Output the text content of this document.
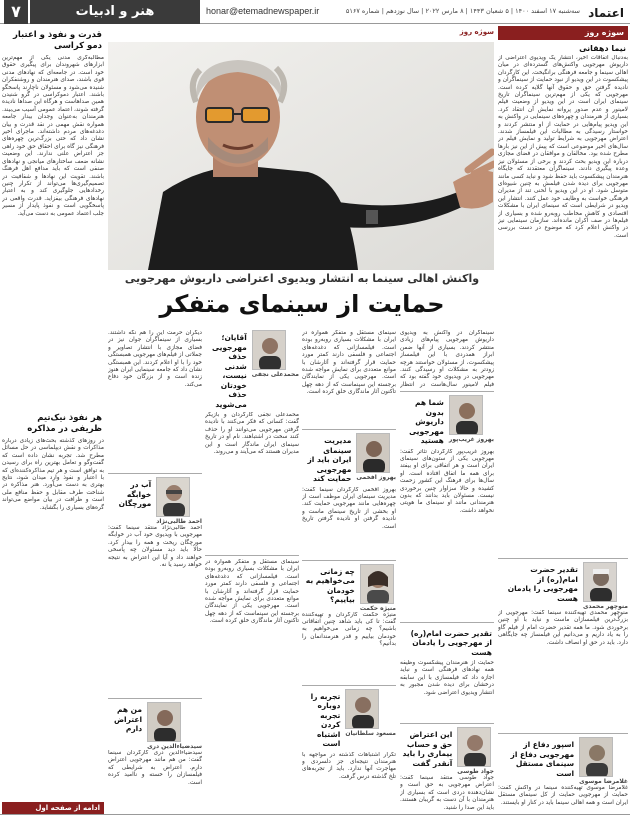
۷	هنر و ادبیات	honar@etemadnewspaper.ir	سه‌شنبه ۱۷ اسفند ۱۴۰۰ | ۵ شعبان ۱۴۴۳ | ۸ مارس ۲۰۲۲ | سال نوزدهم | شماره ۵۱۶۷ اعتماد
سوژه روز
نیما دهقانی
به‌دنبال اتفاقات اخیر، انتشار یک ویدیوی اعتراضی از داریوش مهرجویی واکنش‌های گسترده‌ای در میان اهالی سینما و جامعه فرهنگی برانگیخت. این کارگردان پیشکسوت در این ویدیو از نبود حمایت از سینماگران و نادیده گرفتن حق و حقوق آنها گلایه کرده است. مهرجویی که یکی از مهم‌ترین سینماگران تاریخ سینمای ایران است در این ویدیو از وضعیت فیلم لامینور و عدم صدور پروانه نمایش آن انتقاد کرد. بسیاری از هنرمندان و چهره‌های سینمایی در واکنش به این ویدیو پیام‌هایی در حمایت از او منتشر کردند و خواستار رسیدگی به مطالبات این فیلمساز شدند. اعتراض مهرجویی به شرایط تولید و نمایش فیلم در سال‌های اخیر موضوعی است که پیش از این نیز بارها مطرح شده بود. مخالفان و موافقان در فضای مجازی درباره این ویدیو بحث کردند و برخی از مسئولان نیز وعده پیگیری دادند. سینماگران معتقدند که جایگاه هنرمندان پیشکسوت باید حفظ شود و نباید کسی مانند مهرجویی برای دیده شدن فیلمش به چنین شیوه‌ای متوسل شود. او در این ویدیو با لحنی تند از مدیران فرهنگی خواست به وظایف خود عمل کنند. انتشار این ویدیو در شرایطی است که سینمای ایران با مشکلات اقتصادی و کاهش مخاطب روبه‌رو شده و بسیاری از فیلم‌ها در صف اکران مانده‌اند. سازمان سینمایی نیز در واکنش اعلام کرد که موضوع در دست بررسی است.
منوچهر محمدی
تقدیر حضرت امام(ره) از مهرجویی را یادمان هست
منوچهر محمدی تهیه‌کننده سینما گفت: مهرجویی از بزرگ‌ترین فیلمسازان ماست و نباید با او چنین برخوردی شود. ما همه تقدیر حضرت امام از فیلم گاو را به یاد داریم و می‌دانیم این فیلمساز چه جایگاهی دارد. باید در حق او انصاف داشت.
غلامرضا موسوی
اسپور دفاع از مهرجویی دفاع از سینمای مستقل است
غلامرضا موسوی تهیه‌کننده سینما در واکنش گفت: حمایت از مهرجویی حمایت از کل سینمای مستقل ایران است و همه اهالی سینما باید در کنار او بایستند.
قدرت و نفوذ و اعتبار دمو کراسی
مطالبه‌گری مدنی یکی از مهم‌ترین ابزارهای شهروندان برای پیگیری حقوق خود است. در جامعه‌ای که نهادهای مدنی قوی باشند، صدای هنرمندان و روشنفکران شنیده می‌شود و مسئولان ناچارند پاسخگو باشند. اعتبار دموکراسی در گرو شنیدن همین صداهاست و هرگاه این صداها نادیده گرفته شوند، اعتماد عمومی آسیب می‌بیند. هنرمندان به‌عنوان وجدان بیدار جامعه همواره نقش مهمی در نقد قدرت و بیان دغدغه‌های مردم داشته‌اند. ماجرای اخیر نشان داد که حتی بزرگ‌ترین چهره‌های فرهنگی نیز گاه برای احقاق حق خود راهی جز اعتراض علنی ندارند. این وضعیت نشانه ضعف ساختارهای میانجی و نهادهای صنفی است که باید مدافع اهل فرهنگ باشند. تقویت این نهادها و شفافیت در تصمیم‌گیری‌ها می‌تواند از تکرار چنین رخدادهایی جلوگیری کند و به اعتبار نهادهای فرهنگی بیفزاید. قدرت واقعی در پاسخگویی است و نفوذ پایدار از مسیر جلب اعتماد عمومی به دست می‌آید.
هر نفوذ نیک‌تیم ظریفی در مذاکره
در روزهای گذشته بحث‌های زیادی درباره مذاکرات و نقش دیپلماسی در حل مسائل مطرح شد. تجربه نشان داده است که گفت‌وگو و تعامل بهترین راه برای رسیدن به توافق است و هر تیم مذاکره‌کننده‌ای که با اعتبار و نفوذ وارد میدان شود، نتایج بهتری به دست می‌آورد. هنر مذاکره در شناخت طرف مقابل و حفظ منافع ملی است و ظرافت در بیان مواضع می‌تواند گره‌های بسیاری را بگشاید.
ادامه از صفحه اول
سوژه روز
واکنش اهالی سینما به انتشار ویدیوی اعتراضی داریوش مهرجویی
حمایت از سینمای متفکر
سینماگران در واکنش به ویدیوی داریوش مهرجویی پیام‌های زیادی منتشر کردند. بسیاری از آنها ضمن ابراز همدردی با این فیلمساز پیشکسوت، از مسئولان خواستند هرچه زودتر به مشکلات او رسیدگی کنند. مهرجویی در ویدیوی خود گفته بود که فیلم لامینور سال‌هاست در انتظار
بهروز غریب‌پور
شما هم بدون داریوش مهرجویی هستید
بهروز غریب‌پور کارگردان تئاتر گفت: مهرجویی یکی از ستون‌های سینمای ایران است و هر اتفاقی برای او بیفتد برای همه ما اتفاق افتاده است. او سال‌ها برای فرهنگ این کشور زحمت کشیده و حالا سزاوار چنین برخوردی نیست. مسئولان باید بدانند که بدون هنرمندانی مانند او سینمای ما هویتی نخواهد داشت.
تقدیر حضرت امام(ره) از مهرجویی را یادمان هست
حمایت از هنرمندان پیشکسوت وظیفه همه نهادهای فرهنگی است و نباید اجازه داد که فیلمسازی با این سابقه درخشان برای دیده شدن مجبور به انتشار ویدیوی اعتراضی شود.
جواد طوسی
این اعتراض حق و حساب بیماری را باید آنقدر گفت
جواد طوسی منتقد سینما گفت: اعتراض مهرجویی به حق است و نشان‌دهنده دردی است که بسیاری از هنرمندان با آن دست به گریبان هستند. باید این صدا را شنید.
سینمای مستقل و متفکر همواره در ایران با مشکلات بسیاری روبه‌رو بوده است. فیلمسازانی که دغدغه‌های اجتماعی و فلسفی دارند کمتر مورد حمایت قرار گرفته‌اند و آثارشان با موانع متعددی برای نمایش مواجه شده است. مهرجویی یکی از نمایندگان برجسته این سینماست که از دهه چهل تاکنون آثار ماندگاری خلق کرده است.
بهروز افخمی
مدیریت سینمای ایران باید از مهرجویی حمایت کند
بهروز افخمی کارگردان سینما گفت: مدیریت سینمای ایران موظف است از چهره‌هایی مانند مهرجویی حمایت کند. او بخشی از تاریخ سینمای ماست و نادیده گرفتن او نادیده گرفتن تاریخ است.
منیژه حکمت
چه زمانی می‌خواهیم به خودمان بیاییم؟
منیژه حکمت کارگردان و تهیه‌کننده گفت: تا کی باید شاهد چنین اتفاقاتی باشیم؟ چه زمانی می‌خواهیم به خودمان بیاییم و قدر هنرمندانمان را بدانیم؟
مسعود سلطانیان
تجربه را دوباره تجربه کردن اشتباه است
تکرار اشتباهات گذشته در مواجهه با هنرمندان نتیجه‌ای جز دلسردی و مهاجرت آنها ندارد. باید از تجربه‌های تلخ گذشته درس گرفت.
محمدعلی نجفی
آقایان؛ مهرجویی حذف شدنی نیست، خودتان حذف می‌شوید
محمدعلی نجفی کارگردان و بازیگر گفت: کسانی که فکر می‌کنند با نادیده گرفتن مهرجویی می‌توانند او را حذف کنند سخت در اشتباهند. نام او در تاریخ سینمای ایران ماندگار است و این مدیران هستند که می‌آیند و می‌روند.
سینمای مستقل و متفکر همواره در ایران با مشکلات بسیاری روبه‌رو بوده است. فیلمسازانی که دغدغه‌های اجتماعی و فلسفی دارند کمتر مورد حمایت قرار گرفته‌اند و آثارشان با موانع متعددی برای نمایش مواجه شده است. مهرجویی یکی از نمایندگان برجسته این سینماست که از دهه چهل تاکنون آثار ماندگاری خلق کرده است.
دیگران حرمت این را هم نگه داشتند. بسیاری از سینماگران جوان نیز در فضای مجازی با انتشار تصاویر و جملاتی از فیلم‌های مهرجویی همبستگی خود را با او اعلام کردند. این همبستگی نشان داد که جامعه سینمایی ایران هنوز زنده است و از بزرگان خود دفاع می‌کند.
احمد طالبی‌نژاد
آب در خوابگه مورچگان
احمد طالبی‌نژاد منتقد سینما گفت: مهرجویی با ویدیوی خود آب در خوابگه مورچگان ریخت و همه را بیدار کرد. حالا باید دید مسئولان چه پاسخی خواهند داد و آیا این اعتراض به نتیجه خواهد رسید یا نه.
سیدضیاءالدین دری
من هم اعتراض دارم
سیدضیاءالدین دری کارگردان سینما گفت: من هم مانند مهرجویی اعتراض دارم. اعتراض به شرایطی که فیلمسازان را خسته و ناامید کرده است.
